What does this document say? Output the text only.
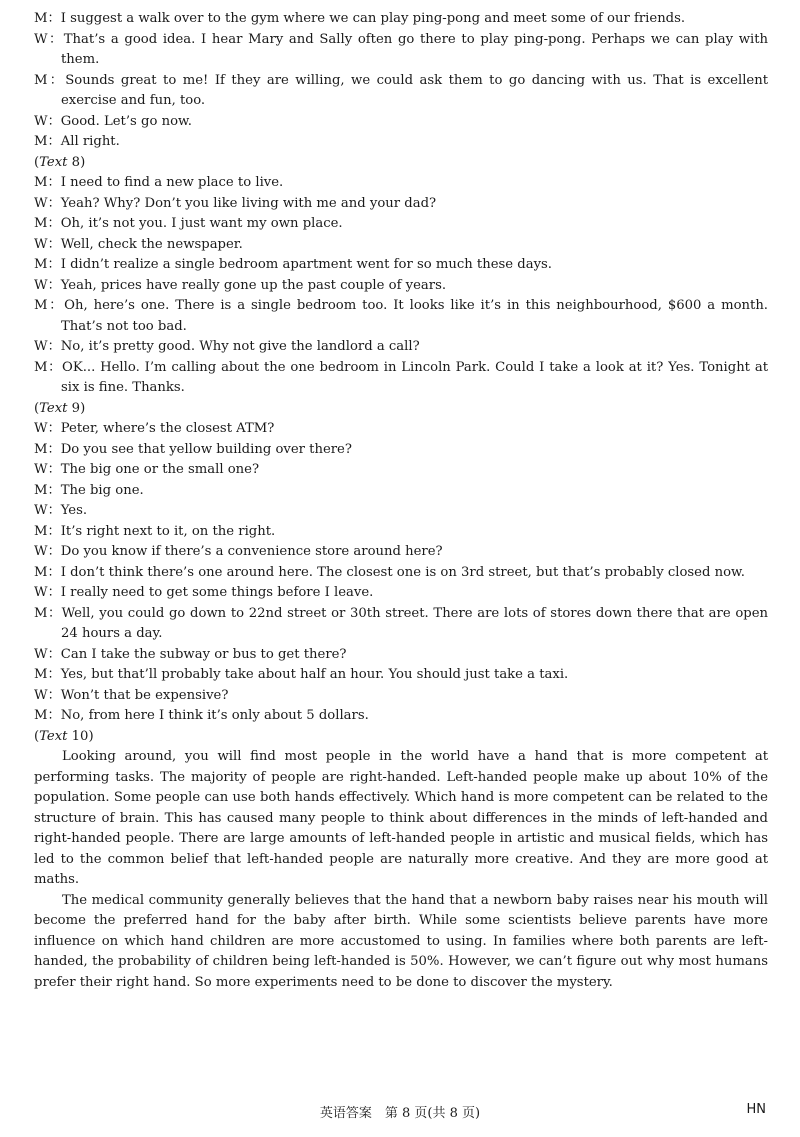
M：I suggest a walk over to the gym where we can play ping-pong and meet some of our friends.
W：That’s a good idea. I hear Mary and Sally often go there to play ping-pong. Perhaps we can play with them.
M：Sounds great to me! If they are willing, we could ask them to go dancing with us. That is excellent exercise and fun, too.
W：Good. Let’s go now.
M：All right.
(Text 8)
M：I need to find a new place to live.
W：Yeah? Why? Don’t you like living with me and your dad?
M：Oh, it’s not you. I just want my own place.
W：Well, check the newspaper.
M：I didn’t realize a single bedroom apartment went for so much these days.
W：Yeah, prices have really gone up the past couple of years.
M：Oh, here’s one. There is a single bedroom too. It looks like it’s in this neighbourhood, $600 a month. That’s not too bad.
W：No, it’s pretty good. Why not give the landlord a call?
M：OK... Hello. I’m calling about the one bedroom in Lincoln Park. Could I take a look at it? Yes. Tonight at six is fine. Thanks.
(Text 9)
W：Peter, where’s the closest ATM?
M：Do you see that yellow building over there?
W：The big one or the small one?
M：The big one.
W：Yes.
M：It’s right next to it, on the right.
W：Do you know if there’s a convenience store around here?
M：I don’t think there’s one around here. The closest one is on 3rd street, but that’s probably closed now.
W：I really need to get some things before I leave.
M：Well, you could go down to 22nd street or 30th street. There are lots of stores down there that are open 24 hours a day.
W：Can I take the subway or bus to get there?
M：Yes, but that’ll probably take about half an hour. You should just take a taxi.
W：Won’t that be expensive?
M：No, from here I think it’s only about 5 dollars.
(Text 10)

Looking around, you will find most people in the world have a hand that is more competent at performing tasks. The majority of people are right-handed. Left-handed people make up about 10% of the population. Some people can use both hands effectively. Which hand is more competent can be related to the structure of brain. This has caused many people to think about differences in the minds of left-handed and right-handed people. There are large amounts of left-handed people in artistic and musical fields, which has led to the common belief that left-handed people are naturally more creative. And they are more good at maths.

The medical community generally believes that the hand that a newborn baby raises near his mouth will become the preferred hand for the baby after birth. While some scientists believe parents have more influence on which hand children are more accustomed to using. In families where both parents are left-handed, the probability of children being left-handed is 50%. However, we can’t figure out why most humans prefer their right hand. So more experiments need to be done to discover the mystery.

英语答案　第 8 页(共 8 页)	HN
